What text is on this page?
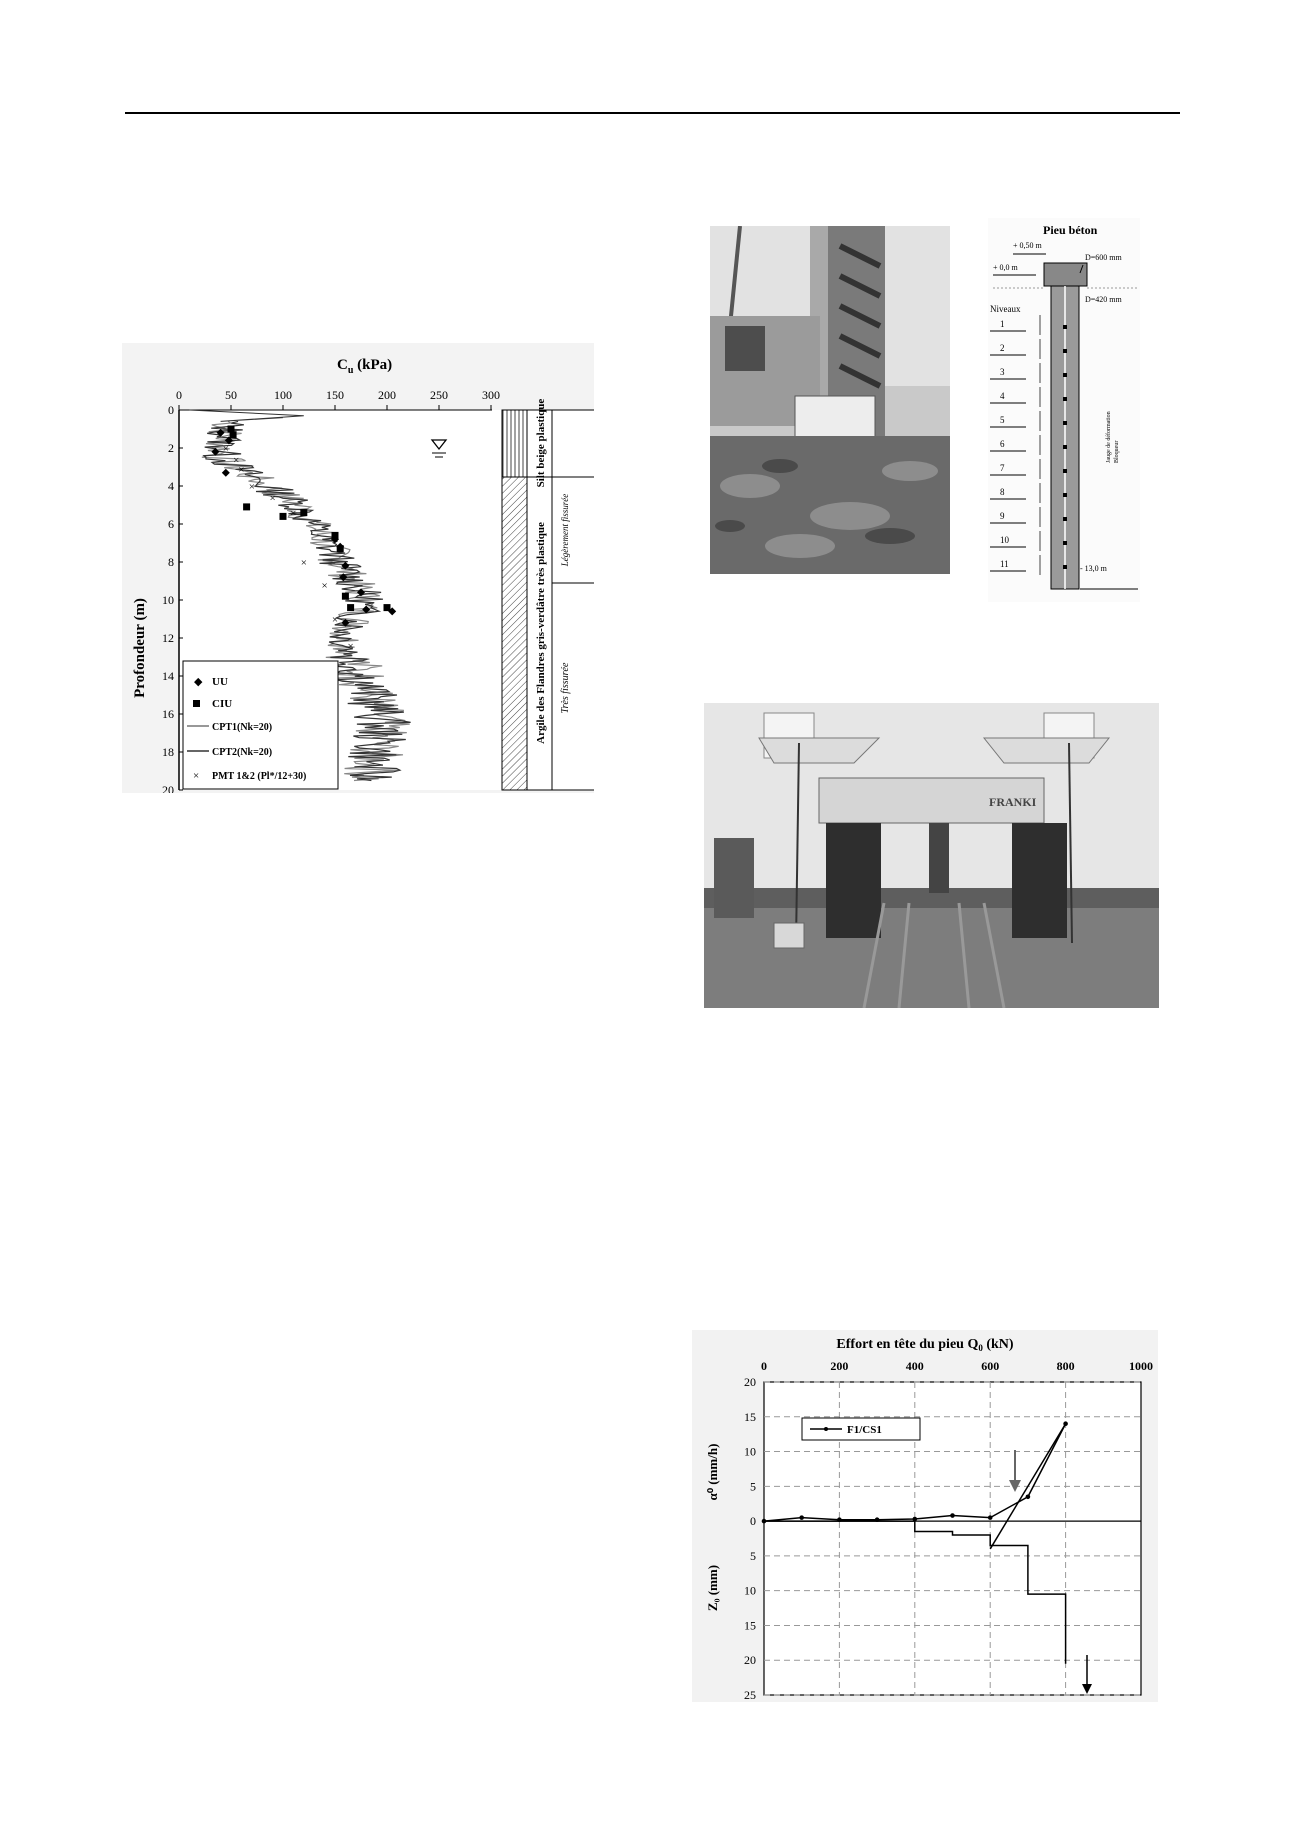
$C_u$ (kPa)
0	50	100	150	200	250	300
0
2
4
6
8
10
12
14
16
18
20
Profondeur (m)
×
×
×
×
×
×
×
×
×
×
Silt beige plastique
Argile des Flandres gris-verdâtre très plastique Légèrement fissurée
Très fissurée
◆ UU
CIU
CPT1(Nk=20)
CPT2(Nk=20)
× PMT 1&2 (Pl*/12+30)
Pieu béton
+ 0,50 m
+ 0,0 m
D=600 mm
D=420 mm
Niveaux
1
2
3
4
5
6
7
8
9
10
11	- 13,0 m
Jauge de déformation Bloqueur
FRANKI
Effort en tête du pieu $Q_0$ (kN)
0	200	400	600	800	1000
20
15
10
5
0
5
10
15
20
25
α⁰ (mm/h)
Z₀ (mm)
F1/CS1
